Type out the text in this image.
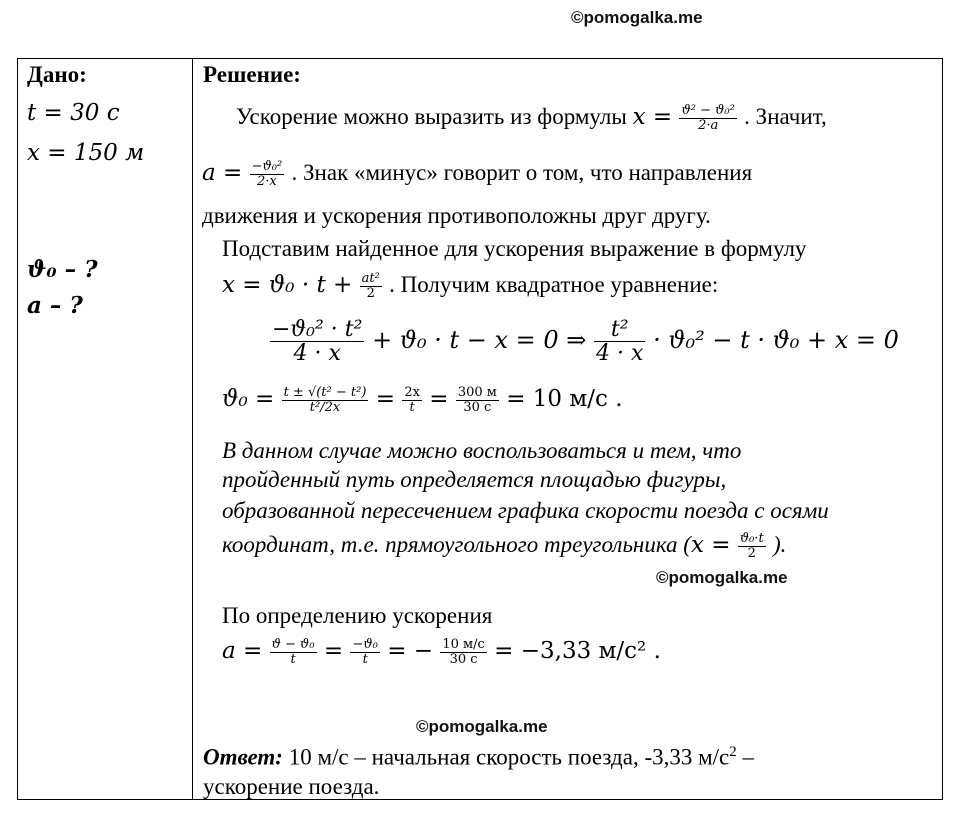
©pomogalka.me
Дано:
t = 30 с
x = 150 м
ϑ₀ – ?
a – ?
Решение:
Ускорение можно выразить из формулы $x = \frac{\text{ϑ² − ϑ₀²}}{2\cdot a}$ . Значит,
$a = \frac{\text{−ϑ₀²}}{2\cdot x}$ . Знак «минус» говорит о том, что направления
движения и ускорения противоположны друг другу.
Подставим найденное для ускорения выражение в формулу
$x = ϑ_0 \cdot t + \frac{\text{at²}}{2}$ . Получим квадратное уравнение:
$\frac{\text{−ϑ₀² · t²}}{4 \cdot x} + ϑ_0 \cdot t - x = 0$ ⇒ $\frac{\text{t²}}{4 \cdot x} \cdot ϑ_0^2 - t \cdot ϑ_0 + x = 0$
$ϑ_0 = \frac{\text{t ± √(t² − t²)}}{\text{t²/2x}} = \frac{2x}{t} = \frac{300 м}{30 с} = 10$ м/с .
В данном случае можно воспользоваться и тем, что
пройденный путь определяется площадью фигуры,
образованной пересечением графика скорости поезда с осями
координат, т.е. прямоугольного треугольника ($x = \frac{\text{ϑ₀·t}}{2}$ ).
©pomogalka.me
По определению ускорения
$a = \frac{\text{ϑ − ϑ₀}}{t} = \frac{\text{−ϑ₀}}{t}$ = − $\frac{10 м/с}{30 с} = -3,33$ м/с² .
©pomogalka.me
Ответ: 10 м/с – начальная скорость поезда, -3,33 $м/с^2$ –
ускорение поезда.
